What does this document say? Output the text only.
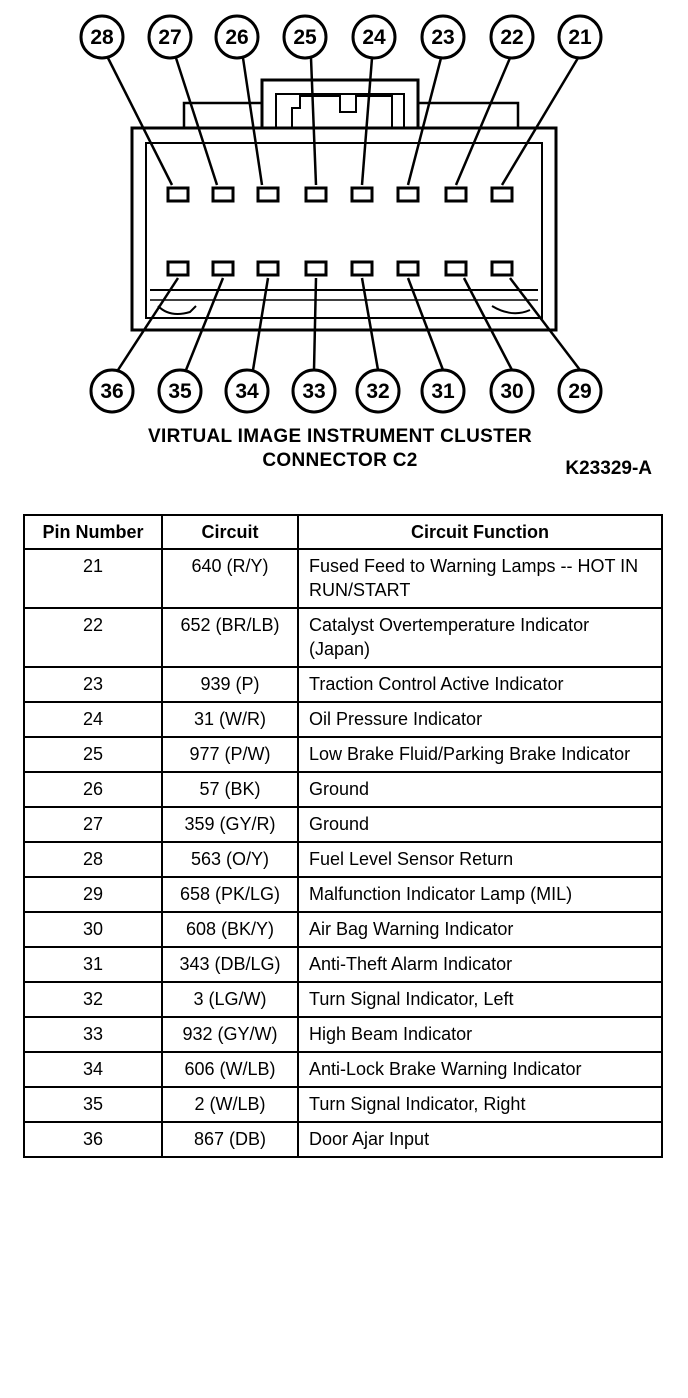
28 27 26 25 24 23 22 21
36 35 34 33 32 31 30 29
VIRTUAL IMAGE INSTRUMENT CLUSTER
CONNECTOR C2	K23329-A
Pin Number	Circuit	Circuit Function
21	640 (R/Y)	Fused Feed to Warning Lamps -- HOT IN RUN/START
22	652 (BR/LB)	Catalyst Overtemperature Indicator (Japan)
23	939 (P)	Traction Control Active Indicator
24	31 (W/R)	Oil Pressure Indicator
25	977 (P/W)	Low Brake Fluid/Parking Brake Indicator
26	57 (BK)	Ground
27	359 (GY/R)	Ground
28	563 (O/Y)	Fuel Level Sensor Return
29	658 (PK/LG)	Malfunction Indicator Lamp (MIL)
30	608 (BK/Y)	Air Bag Warning Indicator
31	343 (DB/LG)	Anti-Theft Alarm Indicator
32	3 (LG/W)	Turn Signal Indicator, Left
33	932 (GY/W)	High Beam Indicator
34	606 (W/LB)	Anti-Lock Brake Warning Indicator
35	2 (W/LB)	Turn Signal Indicator, Right
36	867 (DB)	Door Ajar Input
